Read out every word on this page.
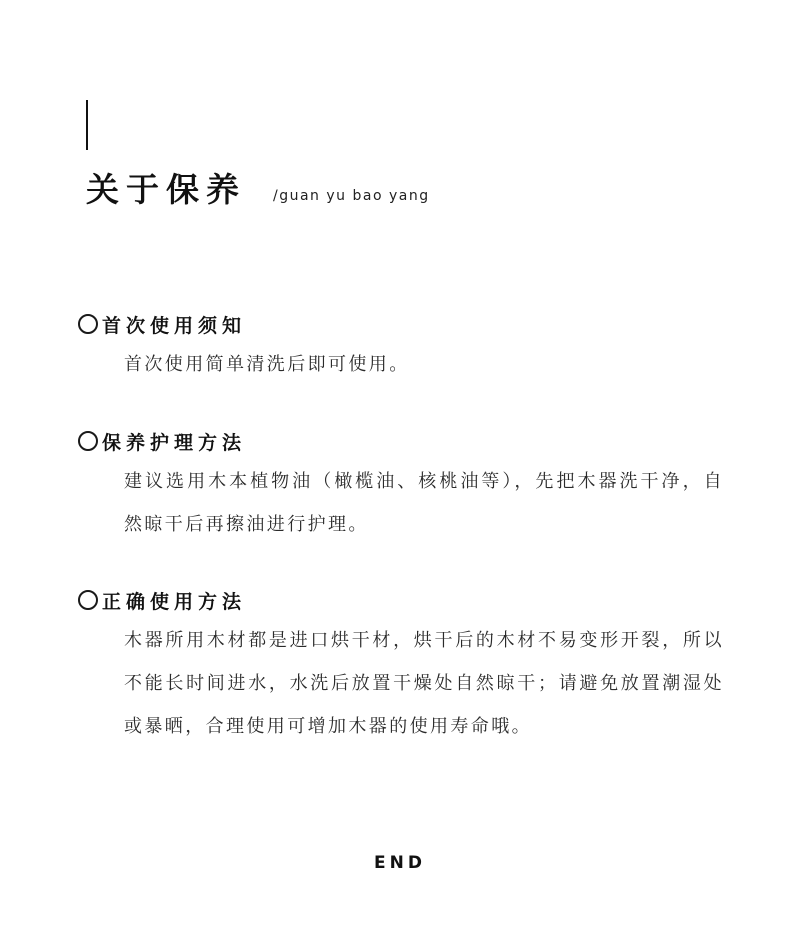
关于保养 /guan yu bao yang
首次使用须知
首次使用简单清洗后即可使用。
保养护理方法
建议选用木本植物油（橄榄油、核桃油等），先把木器洗干净，自然晾干后再擦油进行护理。
正确使用方法
木器所用木材都是进口烘干材，烘干后的木材不易变形开裂，所以不能长时间进水，水洗后放置干燥处自然晾干；请避免放置潮湿处或暴晒，合理使用可增加木器的使用寿命哦。
END
